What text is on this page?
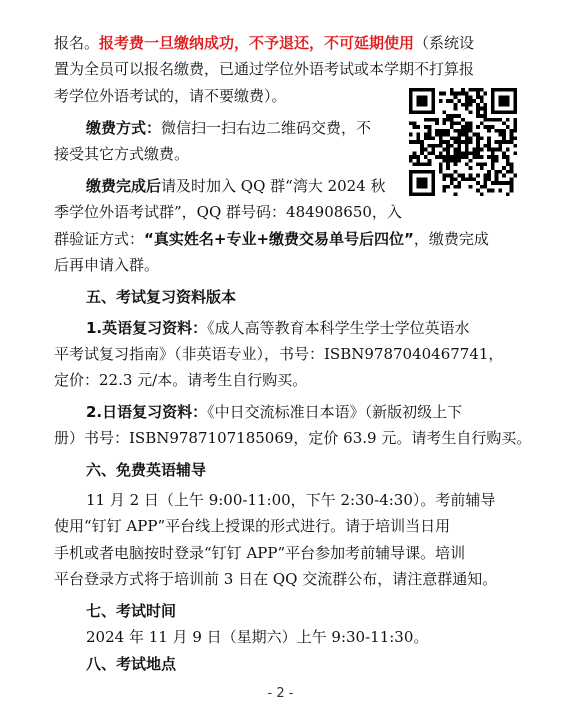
报名。报考费一旦缴纳成功，不予退还，不可延期使用（系统设
置为全员可以报名缴费，已通过学位外语考试或本学期不打算报
考学位外语考试的，请不要缴费）。
缴费方式：微信扫一扫右边二维码交费，不
接受其它方式缴费。
缴费完成后请及时加入 QQ 群“湾大 2024 秋
季学位外语考试群”，QQ 群号码：484908650，入
群验证方式：“真实姓名+专业+缴费交易单号后四位”，缴费完成
后再申请入群。
五、考试复习资料版本
1.英语复习资料：《成人高等教育本科学生学士学位英语水
平考试复习指南》（非英语专业），书号：ISBN9787040467741，
定价：22.3 元/本。请考生自行购买。
2.日语复习资料：《中日交流标准日本语》（新版初级上下
册）书号：ISBN9787107185069，定价 63.9 元。请考生自行购买。
六、免费英语辅导
11 月 2 日（上午 9:00-11:00，下午 2:30-4:30）。考前辅导
使用“钉钉 APP”平台线上授课的形式进行。请于培训当日用
手机或者电脑按时登录“钉钉 APP”平台参加考前辅导课。培训
平台登录方式将于培训前 3 日在 QQ 交流群公布，请注意群通知。
七、考试时间
2024 年 11 月 9 日（星期六）上午 9:30-11:30。
八、考试地点
- 2 -
